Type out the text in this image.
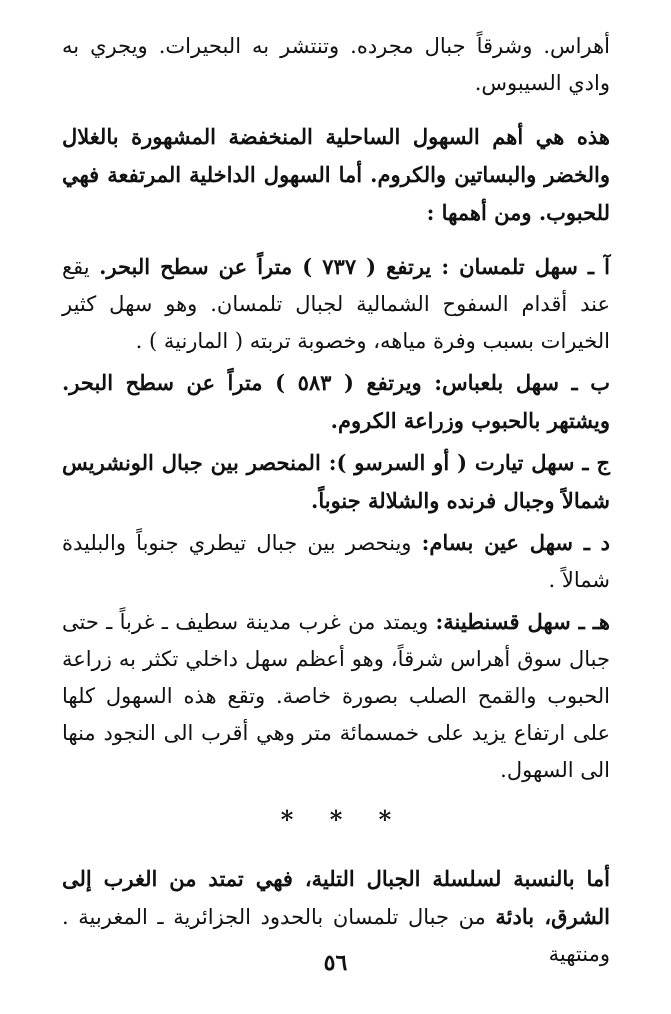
أهراس. وشرقاً جبال مجرده. وتنتشر به البحيرات. ويجري به وادي السيبوس.

هذه هي أهم السهول الساحلية المنخفضة المشهورة بالغلال والخضر والبساتين والكروم. أما السهول الداخلية المرتفعة فهي للحبوب. ومن أهمها :

آ ـ سهل تلمسان : يرتفع ( ٧٣٧ ) متراً عن سطح البحر. يقع عند أقدام السفوح الشمالية لجبال تلمسان. وهو سهل كثير الخيرات بسبب وفرة مياهه، وخصوبة تربته ( المارنية ) .

ب ـ سهل بلعباس: ويرتفع ( ٥٨٣ ) متراً عن سطح البحر. ويشتهر بالحبوب وزراعة الكروم.

ج ـ سهل تيارت ( أو السرسو ): المنحصر بين جبال الونشريس شمالاً وجبال فرنده والشلالة جنوباً.

د ـ سهل عين بسام: وينحصر بين جبال تيطري جنوباً والبليدة شمالاً .

هـ ـ سهل قسنطينة: ويمتد من غرب مدينة سطيف ـ غرباً ـ حتى جبال سوق أهراس شرقاً، وهو أعظم سهل داخلي تكثر به زراعة الحبوب والقمح الصلب بصورة خاصة. وتقع هذه السهول كلها على ارتفاع يزيد على خمسمائة متر وهي أقرب الى النجود منها الى السهول.

* * *

أما بالنسبة لسلسلة الجبال التلية، فهي تمتد من الغرب إلى الشرق، بادئة من جبال تلمسان بالحدود الجزائرية ـ المغربية . ومنتهية

٥٦
